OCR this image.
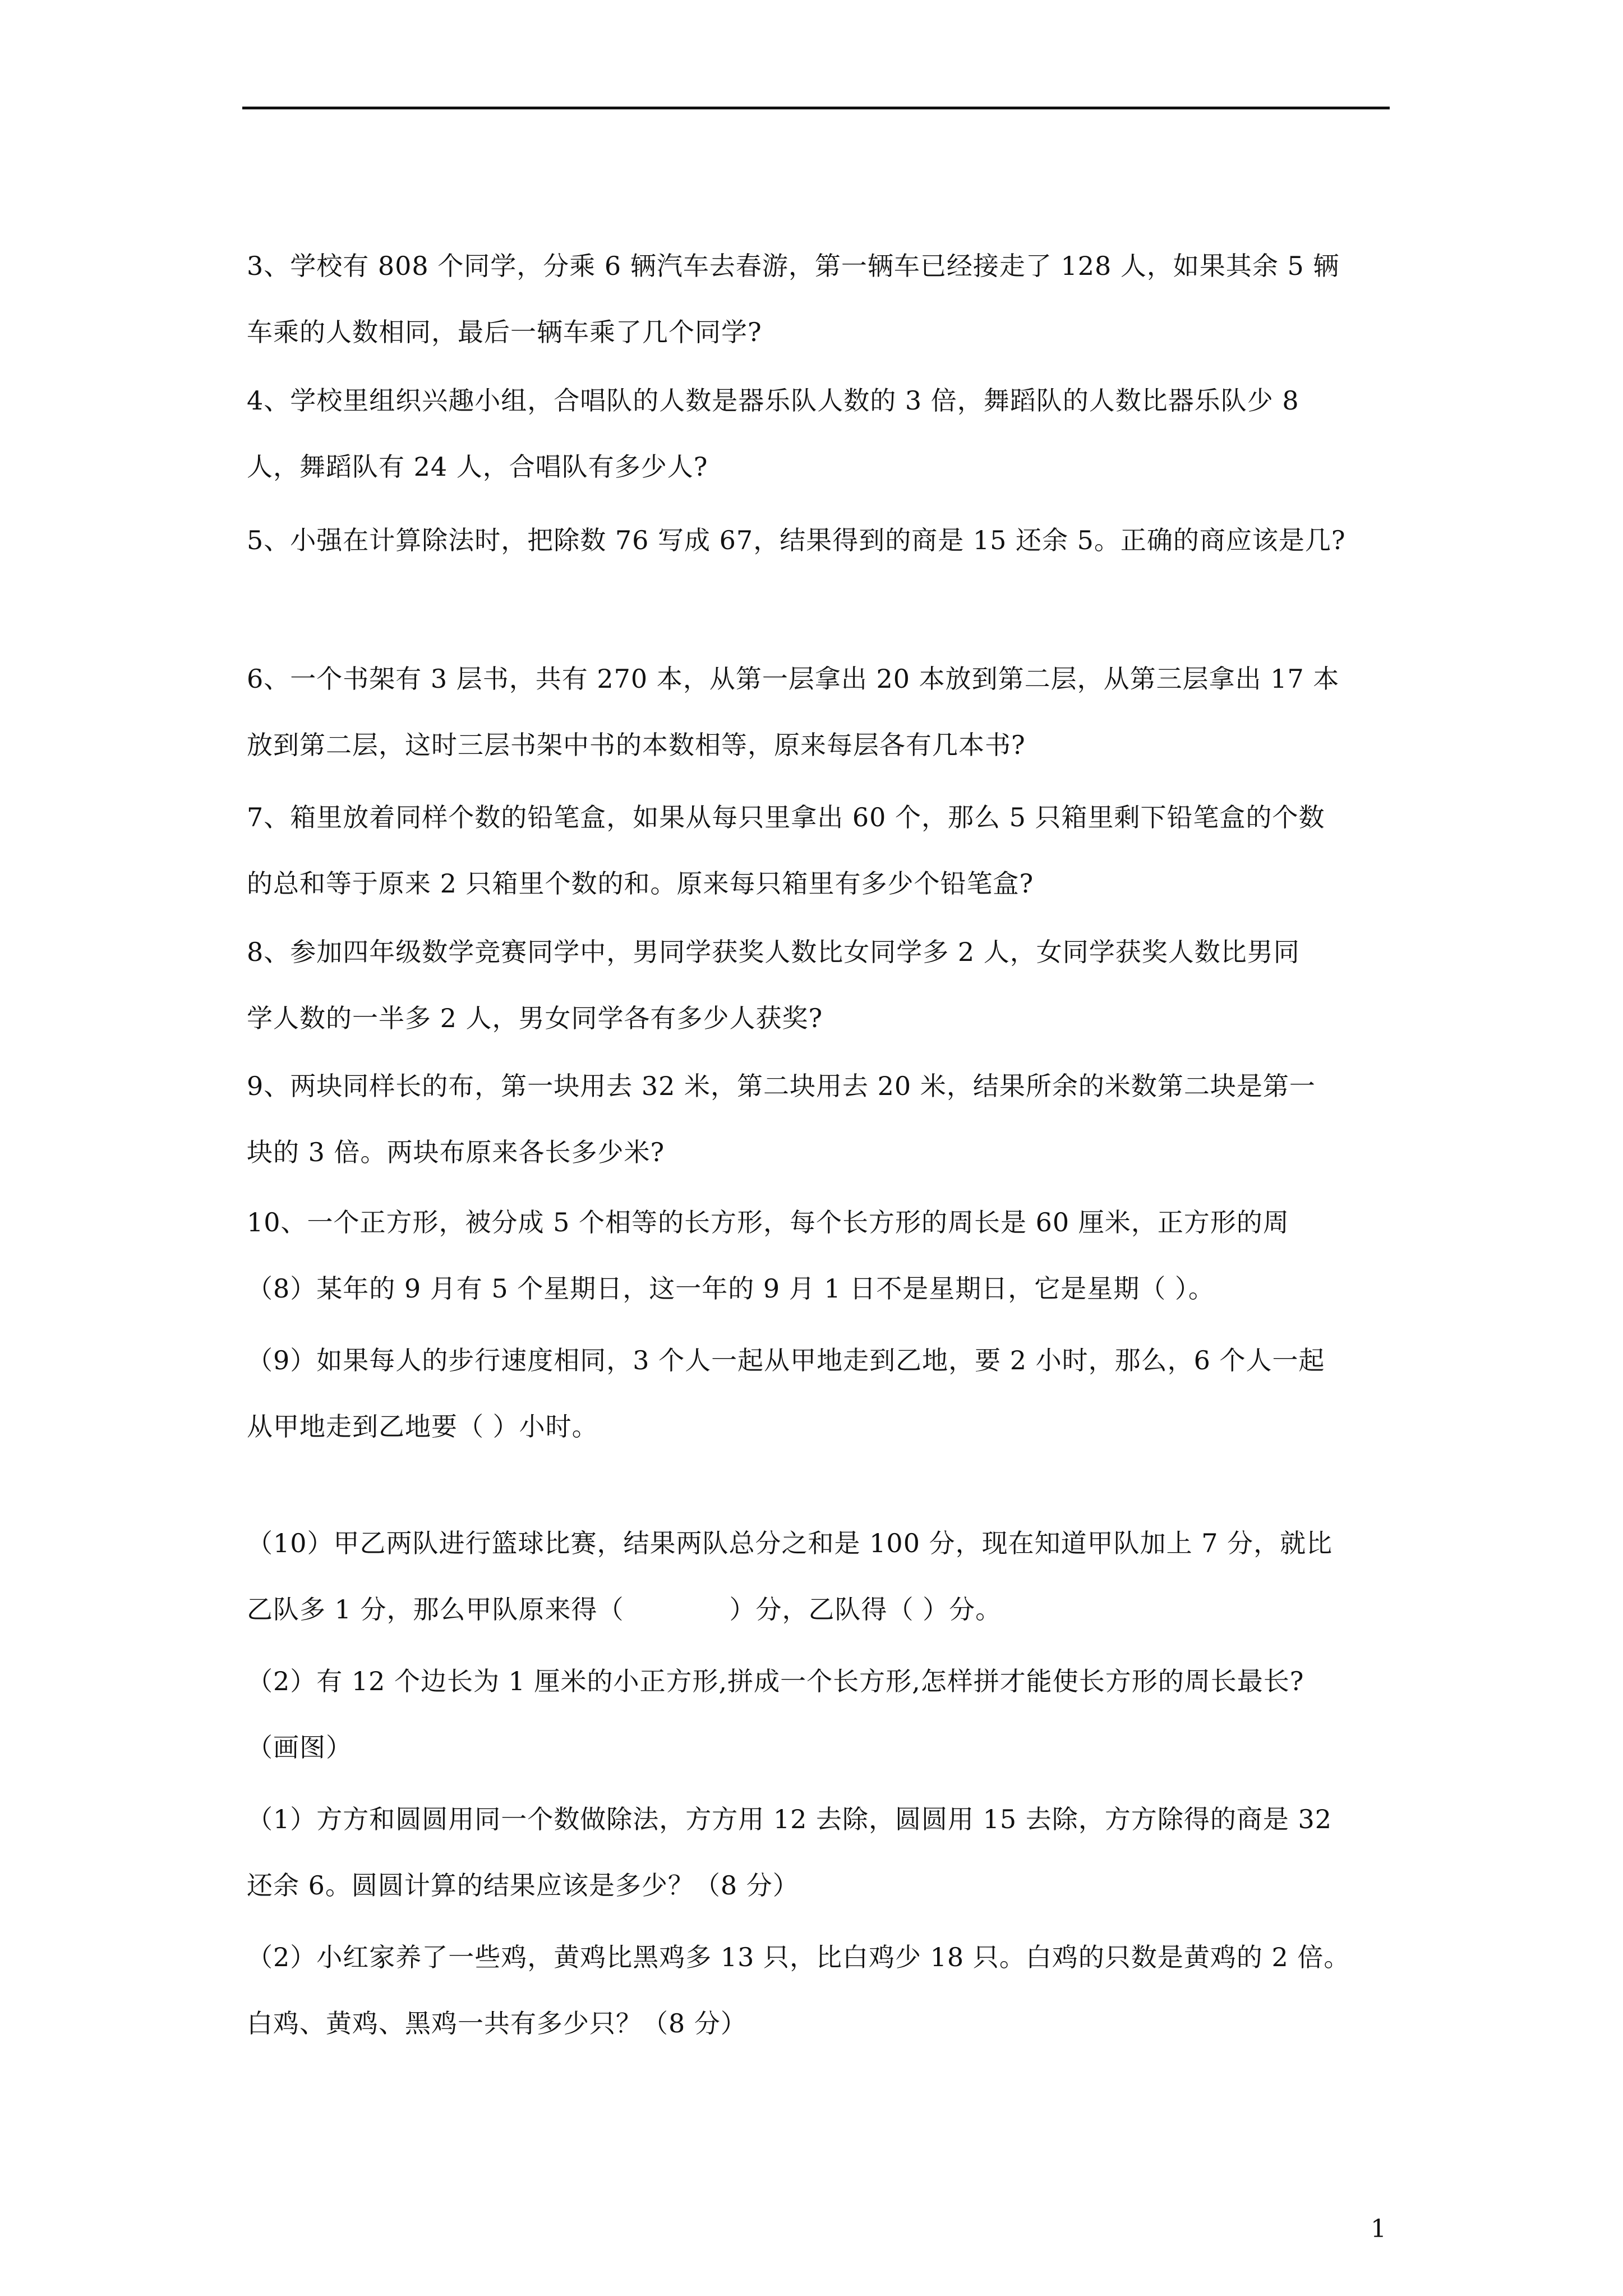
3、学校有 808 个同学，分乘 6 辆汽车去春游，第一辆车已经接走了 128 人，如果其余 5 辆
车乘的人数相同，最后一辆车乘了几个同学?
4、学校里组织兴趣小组，合唱队的人数是器乐队人数的 3 倍，舞蹈队的人数比器乐队少 8
人，舞蹈队有 24 人，合唱队有多少人?
5、小强在计算除法时，把除数 76 写成 67，结果得到的商是 15 还余 5。正确的商应该是几?
6、一个书架有 3 层书，共有 270 本，从第一层拿出 20 本放到第二层，从第三层拿出 17 本
放到第二层，这时三层书架中书的本数相等，原来每层各有几本书?
7、箱里放着同样个数的铅笔盒，如果从每只里拿出 60 个，那么 5 只箱里剩下铅笔盒的个数
的总和等于原来 2 只箱里个数的和。原来每只箱里有多少个铅笔盒?
8、参加四年级数学竞赛同学中，男同学获奖人数比女同学多 2 人，女同学获奖人数比男同
学人数的一半多 2 人，男女同学各有多少人获奖?
9、两块同样长的布，第一块用去 32 米，第二块用去 20 米，结果所余的米数第二块是第一
块的 3 倍。两块布原来各长多少米?
10、一个正方形，被分成 5 个相等的长方形，每个长方形的周长是 60 厘米，正方形的周
（8）某年的 9 月有 5 个星期日，这一年的 9 月 1 日不是星期日，它是星期（ ）。
（9）如果每人的步行速度相同，3 个人一起从甲地走到乙地，要 2 小时，那么，6 个人一起
从甲地走到乙地要（ ）小时。
（10）甲乙两队进行篮球比赛，结果两队总分之和是 100 分，现在知道甲队加上 7 分，就比
乙队多 1 分，那么甲队原来得（　　　　）分，乙队得（ ）分。
（2）有 12 个边长为 1 厘米的小正方形,拼成一个长方形,怎样拼才能使长方形的周长最长?
（画图）
（1）方方和圆圆用同一个数做除法，方方用 12 去除，圆圆用 15 去除，方方除得的商是 32
还余 6。圆圆计算的结果应该是多少？（8 分）
（2）小红家养了一些鸡，黄鸡比黑鸡多 13 只，比白鸡少 18 只。白鸡的只数是黄鸡的 2 倍。
白鸡、黄鸡、黑鸡一共有多少只？（8 分）
1
